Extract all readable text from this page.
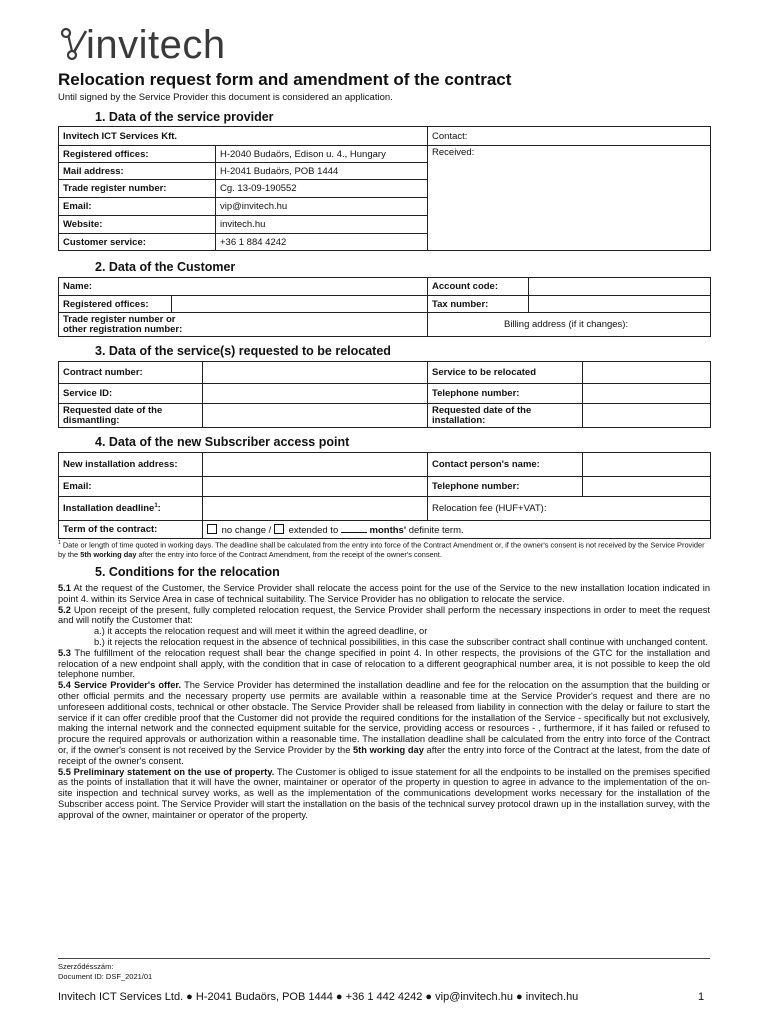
invitech
Relocation request form and amendment of the contract
Until signed by the Service Provider this document is considered an application.
1. Data of the service provider
Invitech ICT Services Kft.		Contact:
Registered offices:	H-2040 Budaörs, Edison u. 4., Hungary	Received:
Mail address:	H-2041 Budaörs, POB 1444	
Trade register number:	Cg. 13-09-190552	
Email:	vip@invitech.hu	
Website:	invitech.hu	
Customer service:	+36 1 884 4242	
2. Data of the Customer
Name:		Account code:	
Registered offices:		Tax number:	
Trade register number or
other registration number:		Billing address (if it changes):	
3. Data of the service(s) requested to be relocated
Contract number:		Service to be relocated	
Service ID:		Telephone number:	
Requested date of the
dismantling:		Requested date of the
installation:	
4. Data of the new Subscriber access point
New installation address:		Contact person's name:	
Email:		Telephone number:	
Installation deadline$^1$:		Relocation fee (HUF+VAT):	
Term of the contract:	no change / extended to months' definite term.		
$^1$ Date or length of time quoted in working days. The deadline shall be calculated from the entry into force of the Contract Amendment or, if the owner's consent is not received by the Service Provider by the 5th working day after the entry into force of the Contract Amendment, from the receipt of the owner's consent.
5. Conditions for the relocation

5.1 At the request of the Customer, the Service Provider shall relocate the access point for the use of the Service to the new installation location indicated in point 4. within its Service Area in case of technical suitability. The Service Provider has no obligation to relocate the service.

5.2 Upon receipt of the present, fully completed relocation request, the Service Provider shall perform the necessary inspections in order to meet the request and will notify the Customer that:

a.) it accepts the relocation request and will meet it within the agreed deadline, or

b.) it rejects the relocation request in the absence of technical possibilities, in this case the subscriber contract shall continue with unchanged content.

5.3 The fulfillment of the relocation request shall bear the change specified in point 4. In other respects, the provisions of the GTC for the installation and relocation of a new endpoint shall apply, with the condition that in case of relocation to a different geographical number area, it is not possible to keep the old telephone number.

5.4 Service Provider's offer. The Service Provider has determined the installation deadline and fee for the relocation on the assumption that the building or other official permits and the necessary property use permits are available within a reasonable time at the Service Provider's request and there are no unforeseen additional costs, technical or other obstacle. The Service Provider shall be released from liability in connection with the delay or failure to start the service if it can offer credible proof that the Customer did not provide the required conditions for the installation of the Service - specifically but not exclusively, making the internal network and the connected equipment suitable for the service, providing access or resources - , furthermore, if it has failed or refused to procure the required approvals or authorization within a reasonable time. The installation deadline shall be calculated from the entry into force of the Contract or, if the owner's consent is not received by the Service Provider by the 5th working day after the entry into force of the Contract at the latest, from the date of receipt of the owner's consent.

5.5 Preliminary statement on the use of property. The Customer is obliged to issue statement for all the endpoints to be installed on the premises specified as the points of installation that it will have the owner, maintainer or operator of the property in question to agree in advance to the implementation of the on-site inspection and technical survey works, as well as the implementation of the communications development works necessary for the installation of the Subscriber access point. The Service Provider will start the installation on the basis of the technical survey protocol drawn up in the installation survey, with the approval of the owner, maintainer or operator of the property.

Szerződésszám:
Document ID: DSF_2021/01
Invitech ICT Services Ltd. ● H-2041 Budaörs, POB 1444 ● +36 1 442 4242 ● vip@invitech.hu ● invitech.hu	1
